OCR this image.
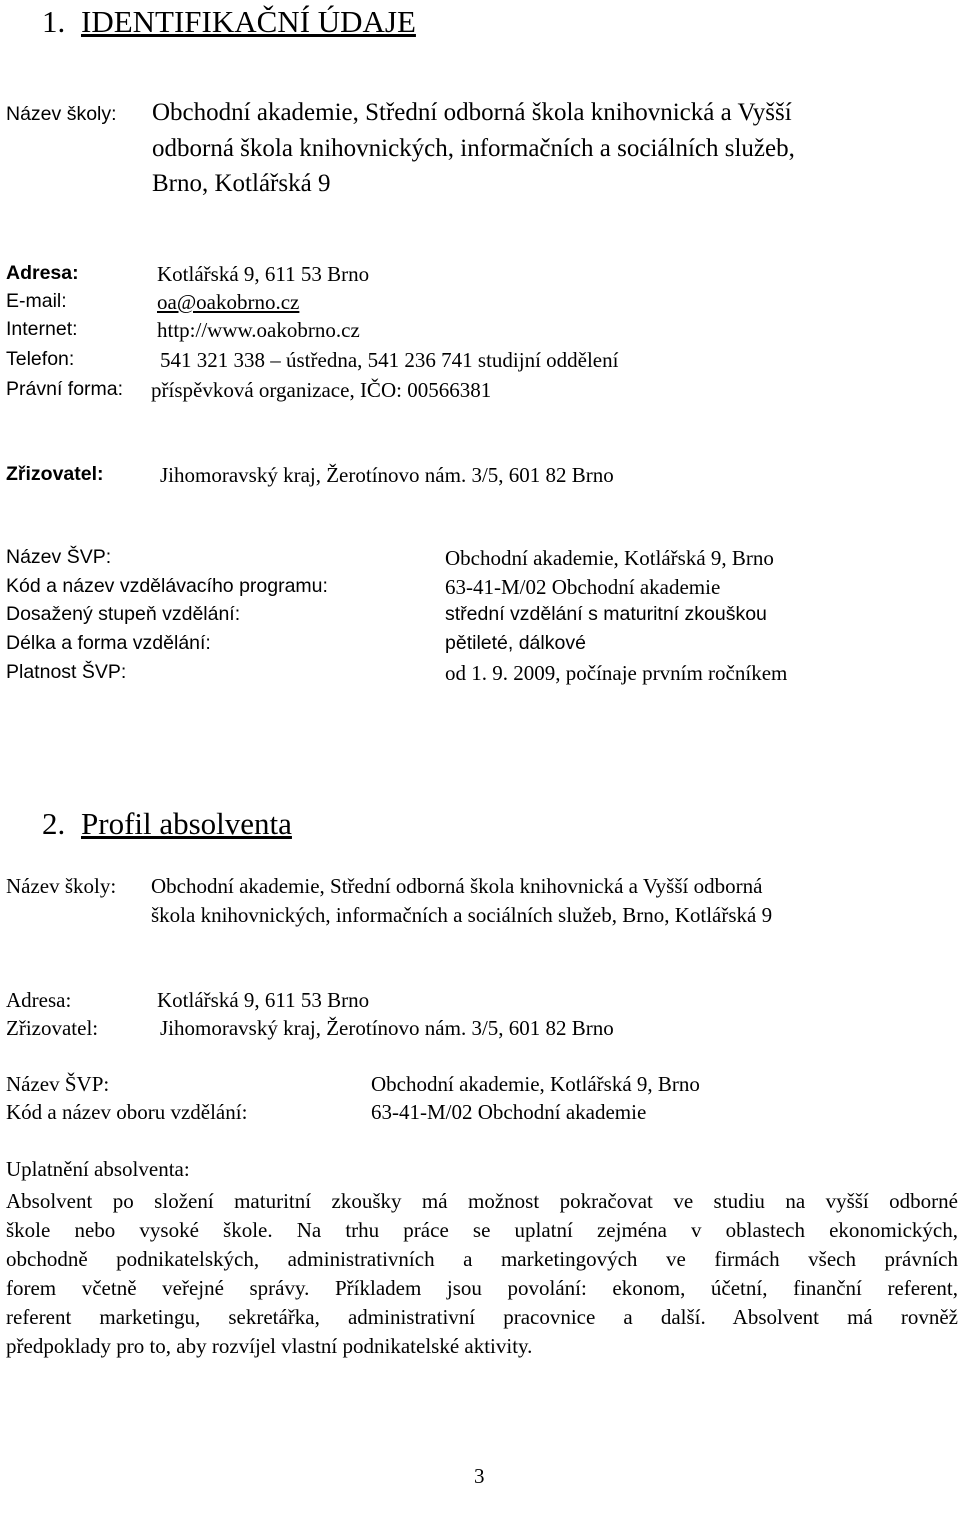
1. IDENTIFIKAČNÍ ÚDAJE
Název školy: Obchodní akademie, Střední odborná škola knihovnická a Vyšší
odborná škola knihovnických, informačních a sociálních služeb,
Brno, Kotlářská 9
Adresa:	Kotlářská 9, 611 53 Brno
E-mail:	oa@oakobrno.cz
Internet:	http://www.oakobrno.cz
Telefon:	541 321 338 – ústředna, 541 236 741 studijní oddělení
Právní forma: příspěvková organizace, IČO: 00566381
Zřizovatel:	Jihomoravský kraj, Žerotínovo nám. 3/5, 601 82 Brno
Název ŠVP:	Obchodní akademie, Kotlářská 9, Brno
Kód a název vzdělávacího programu:	63-41-M/02 Obchodní akademie
Dosažený stupeň vzdělání:	střední vzdělání s maturitní zkouškou
Délka a forma vzdělání:	pětileté, dálkové
Platnost ŠVP:	od 1. 9. 2009, počínaje prvním ročníkem
2. Profil absolventa
Název školy: Obchodní akademie, Střední odborná škola knihovnická a Vyšší odborná
škola knihovnických, informačních a sociálních služeb, Brno, Kotlářská 9
Adresa:	Kotlářská 9, 611 53 Brno
Zřizovatel:	Jihomoravský kraj, Žerotínovo nám. 3/5, 601 82 Brno
Název ŠVP:	Obchodní akademie, Kotlářská 9, Brno
Kód a název oboru vzdělání:	63-41-M/02 Obchodní akademie
Uplatnění absolventa:
Absolvent po složení maturitní zkoušky má možnost pokračovat ve studiu na vyšší odborné
škole nebo vysoké škole. Na trhu práce se uplatní zejména v oblastech ekonomických,
obchodně podnikatelských, administrativních a marketingových ve firmách všech právních
forem včetně veřejné správy. Příkladem jsou povolání: ekonom, účetní, finanční referent,
referent marketingu, sekretářka, administrativní pracovnice a další. Absolvent má rovněž
předpoklady pro to, aby rozvíjel vlastní podnikatelské aktivity.
3
